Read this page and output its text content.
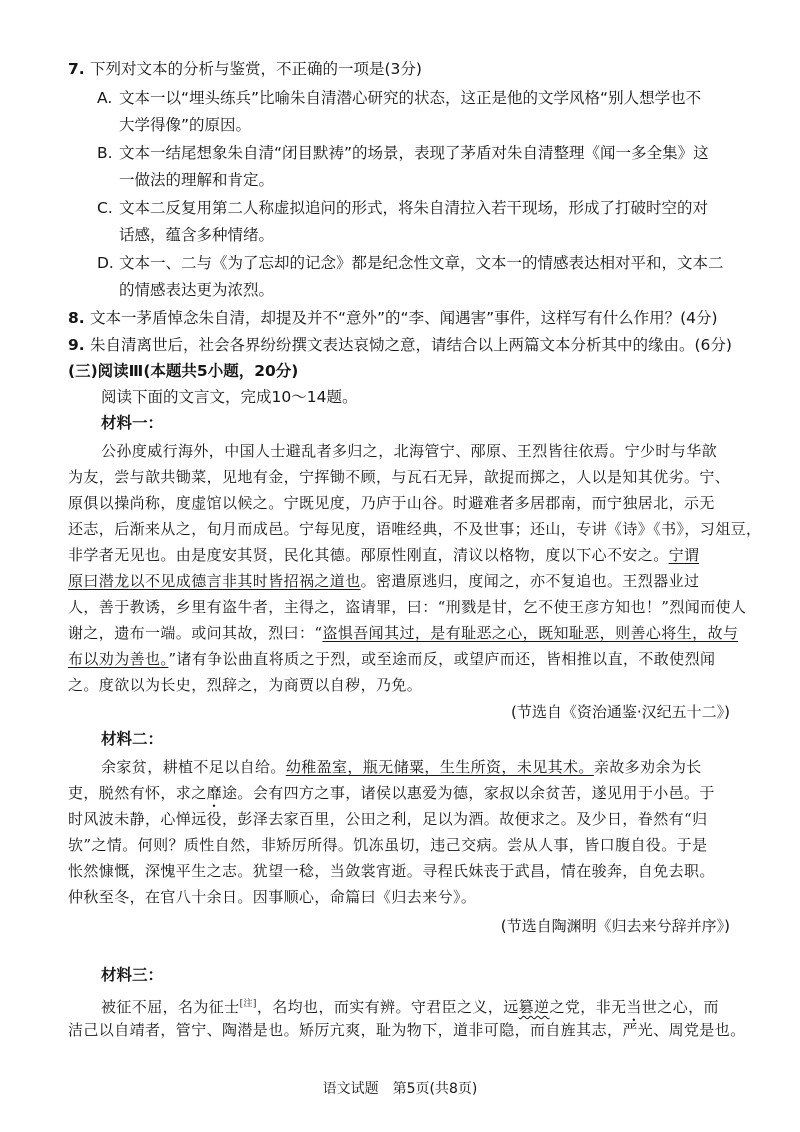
7. 下列对文本的分析与鉴赏，不正确的一项是(3分)
A. 文本一以“埋头练兵”比喻朱自清潜心研究的状态，这正是他的文学风格“别人想学也不
大学得像”的原因。
B. 文本一结尾想象朱自清“闭目默祷”的场景，表现了茅盾对朱自清整理《闻一多全集》这
一做法的理解和肯定。
C. 文本二反复用第二人称虚拟追问的形式，将朱自清拉入若干现场，形成了打破时空的对
话感，蕴含多种情绪。
D. 文本一、二与《为了忘却的记念》都是纪念性文章，文本一的情感表达相对平和，文本二
的情感表达更为浓烈。
8. 文本一茅盾悼念朱自清，却提及并不“意外”的“李、闻遇害”事件，这样写有什么作用？(4分)
9. 朱自清离世后，社会各界纷纷撰文表达哀恸之意，请结合以上两篇文本分析其中的缘由。(6分)
(三)阅读Ⅲ(本题共5小题，20分)
阅读下面的文言文，完成10～14题。
材料一：
公孙度威行海外，中国人士避乱者多归之，北海管宁、邴原、王烈皆往依焉。宁少时与华歆
为友，尝与歆共锄菜，见地有金，宁挥锄不顾，与瓦石无异，歆捉而掷之，人以是知其优劣。宁、
原俱以操尚称，度虚馆以候之。宁既见度，乃庐于山谷。时避难者多居郡南，而宁独居北，示无
还志，后渐来从之，旬月而成邑。宁每见度，语唯经典，不及世事；还山，专讲《诗》《书》，习俎豆，
非学者无见也。由是度安其贤，民化其德。邴原性刚直，清议以格物，度以下心不安之。宁谓
原曰潜龙以不见成德言非其时皆招祸之道也。密遣原逃归，度闻之，亦不复追也。王烈器业过
人，善于教诱，乡里有盗牛者，主得之，盗请罪，曰：“刑戮是甘，乞不使王彦方知也！”烈闻而使人
谢之，遗布一端。或问其故，烈曰：“盗惧吾闻其过，是有耻恶之心，既知耻恶，则善心将生，故与
布以劝为善也。”诸有争讼曲直将质之于烈，或至途而反，或望庐而还，皆相推以直，不敢使烈闻
之。度欲以为长史，烈辞之，为商贾以自秽，乃免。
(节选自《资治通鉴·汉纪五十二》)
材料二：
余家贫，耕植不足以自给。幼稚盈室，瓶无储粟，生生所资，未见其术。亲故多劝余为长
吏，脱然有怀，求之靡途。会有四方之事，诸侯以惠爱为德，家叔以余贫苦，遂见用于小邑。于
时风波未静，心惮远役，彭泽去家百里，公田之利，足以为酒。故便求之。及少日，眷然有“归
欤”之情。何则？质性自然，非矫厉所得。饥冻虽切，违己交病。尝从人事，皆口腹自役。于是
怅然慷慨，深愧平生之志。犹望一稔，当敛裳宵逝。寻程氏妹丧于武昌，情在骏奔，自免去职。
仲秋至冬，在官八十余日。因事顺心，命篇曰《归去来兮》。
(节选自陶渊明《归去来兮辞并序》)
材料三：
被征不屈，名为征士[注]，名均也，而实有辨。守君臣之义，远篡逆之党，非无当世之心，而
洁己以自靖者，管宁、陶潜是也。矫厉亢爽，耻为物下，道非可隐，而自旌其志，严光、周党是也。
语文试题　第5页(共8页)
